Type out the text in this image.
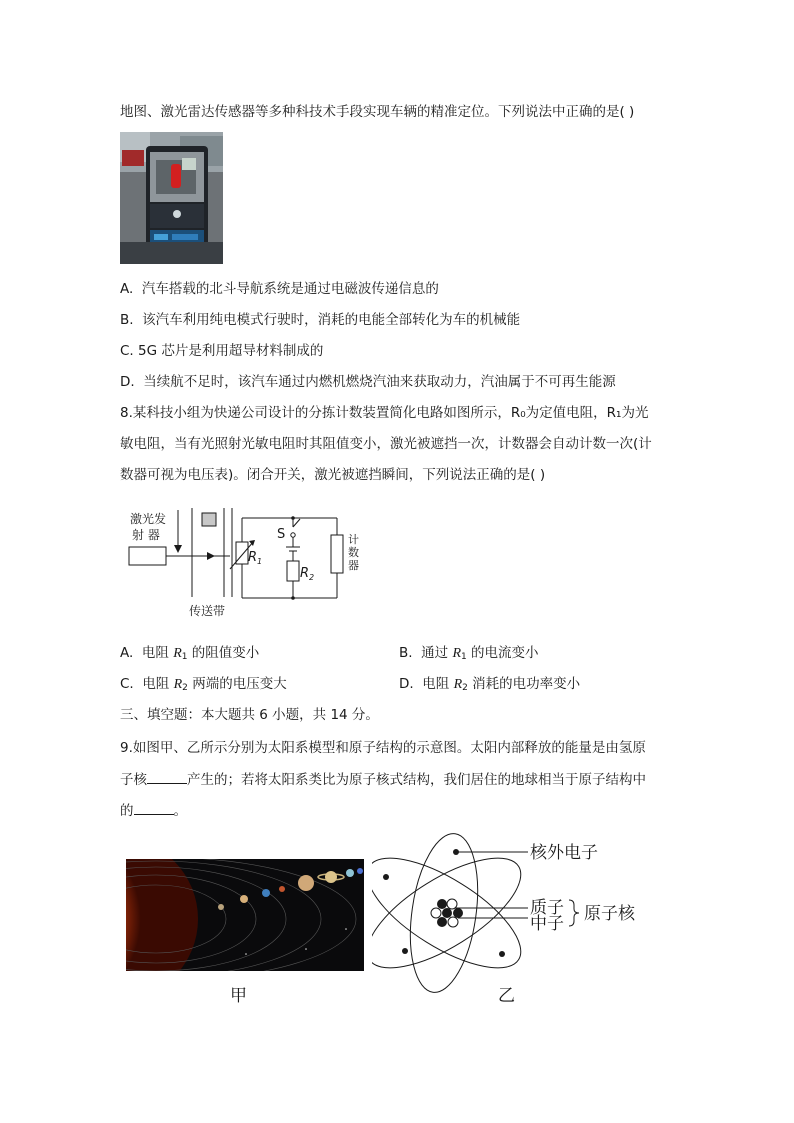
地图、激光雷达传感器等多种科技术手段实现车辆的精准定位。下列说法中正确的是( )
A. 汽车搭载的北斗导航系统是通过电磁波传递信息的
B. 该汽车利用纯电模式行驶时，消耗的电能全部转化为车的机械能
C. 5G 芯片是利用超导材料制成的
D. 当续航不足时，该汽车通过内燃机燃烧汽油来获取动力，汽油属于不可再生能源
8.某科技小组为快递公司设计的分拣计数装置简化电路如图所示，R₀为定值电阻，R₁为光
敏电阻，当有光照射光敏电阻时其阻值变小，激光被遮挡一次，计数器会自动计数一次(计
数器可视为电压表)。闭合开关，激光被遮挡瞬间，下列说法正确的是( )
激光发
射 器
传送带
S
$R_1$
$R_2$
计
数
器
A. 电阻 $R_1$ 的阻值变小	B. 通过 $R_1$ 的电流变小
C. 电阻 $R_2$ 两端的电压变大	D. 电阻 $R_2$ 消耗的电功率变小
三、填空题：本大题共 6 小题，共 14 分。
9.如图甲、乙所示分别为太阳系模型和原子结构的示意图。太阳内部释放的能量是由氢原
子核	产生的；若将太阳系类比为原子核式结构，我们居住的地球相当于原子结构中
的	。
甲
核外电子
质子
中子 原子核
乙
